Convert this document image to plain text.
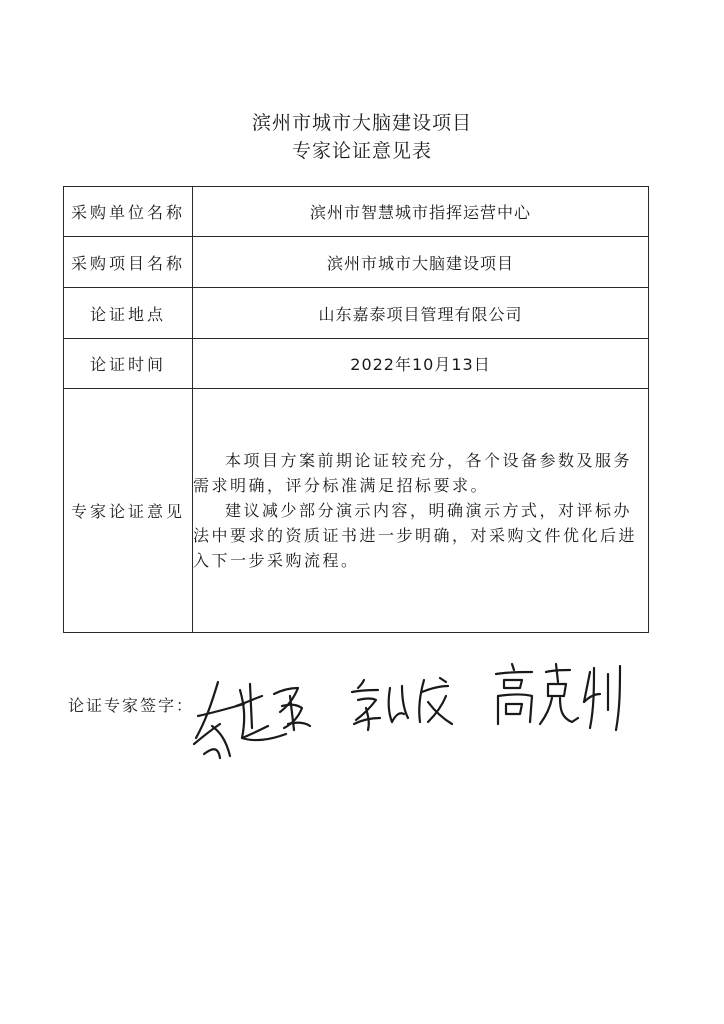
滨州市城市大脑建设项目
专家论证意见表
采购单位名称	滨州市智慧城市指挥运营中心
采购项目名称	滨州市城市大脑建设项目
论证地点	山东嘉泰项目管理有限公司
论证时间	2022年10月13日
专家论证意见	本项目方案前期论证较充分，各个设备参数及服务需求明确，评分标准满足招标要求。

建议减少部分演示内容，明确演示方式，对评标办法中要求的资质证书进一步明确，对采购文件优化后进入下一步采购流程。

论证专家签字：
